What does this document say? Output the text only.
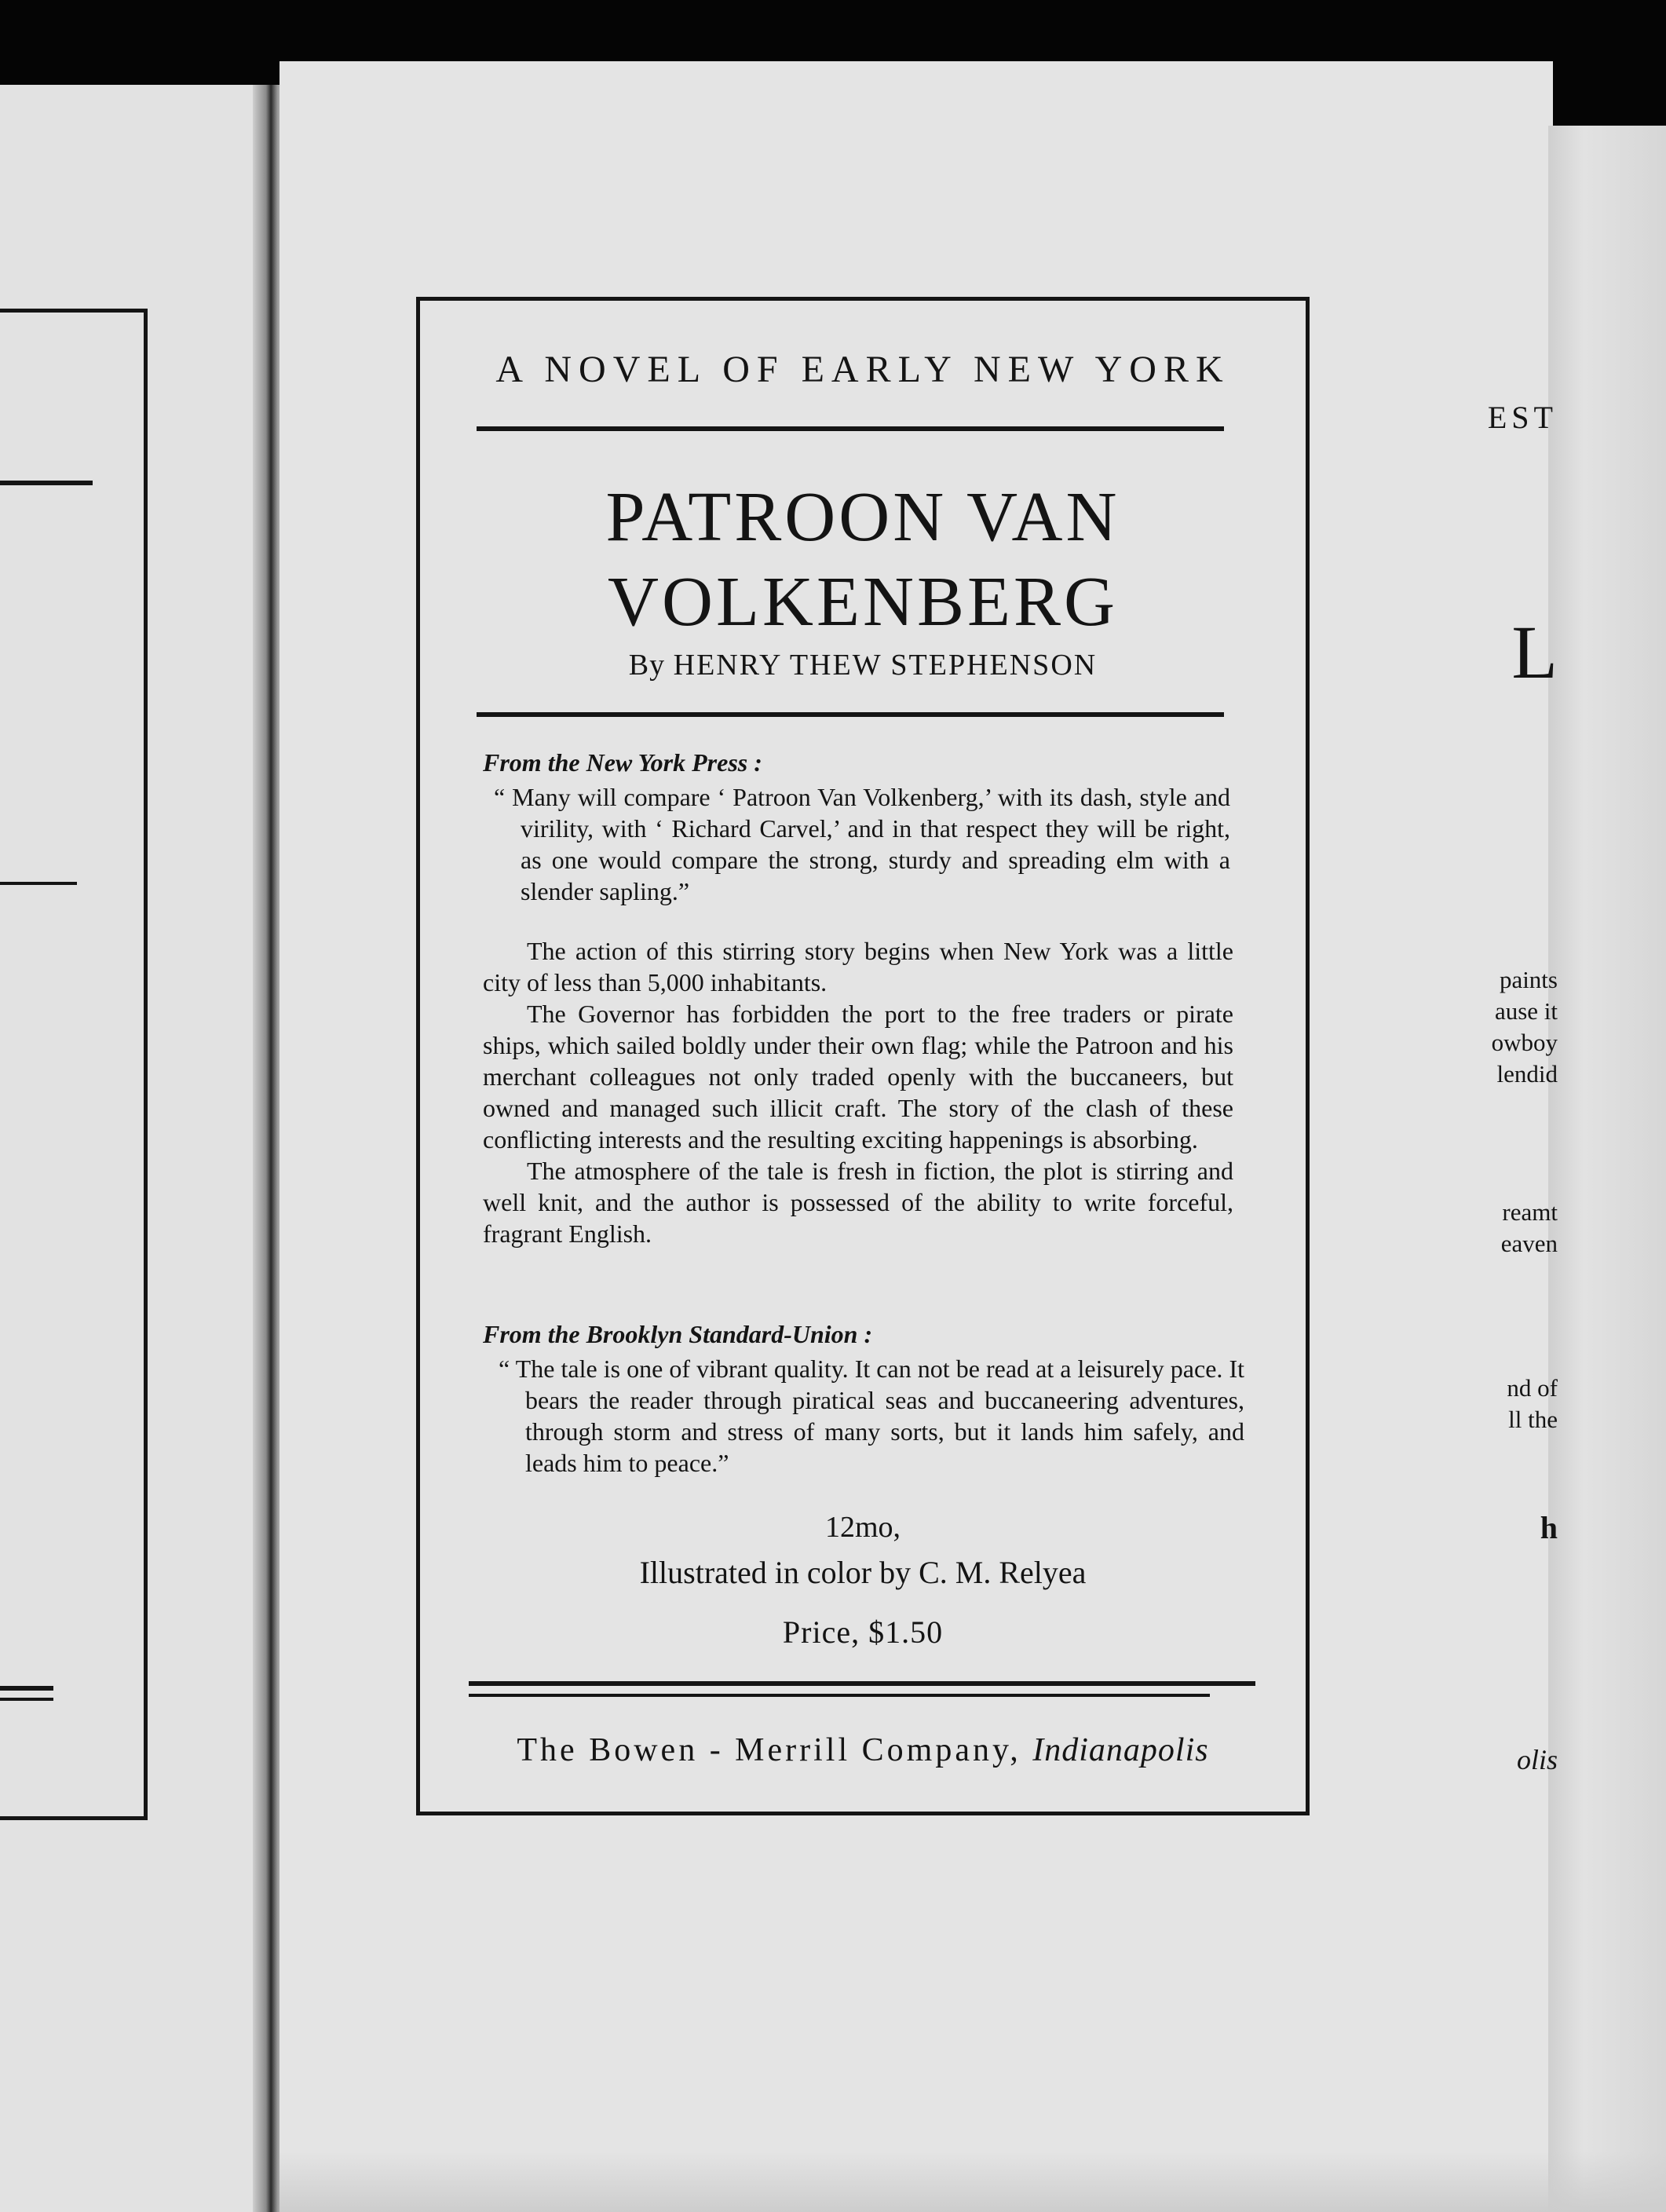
EST
L
paints
ause it
owboy
lendid
reamt
eaven
nd of
ll the
h
olis
A NOVEL OF EARLY NEW YORK
PATROON VAN
VOLKENBERG
By HENRY THEW STEPHENSON
From the New York Press :
“ Many will compare ‘ Patroon Van Volkenberg,’ with its dash, style and virility, with ‘ Richard Carvel,’ and in that respect they will be right, as one would compare the strong, sturdy and spreading elm with a slender sapling.”

The action of this stirring story begins when New York was a little city of less than 5,000 inhabitants.

The Governor has forbidden the port to the free traders or pirate ships, which sailed boldly under their own flag; while the Patroon and his merchant colleagues not only traded openly with the buccaneers, but owned and managed such illicit craft. The story of the clash of these conflicting interests and the resulting exciting happenings is absorbing.

The atmosphere of the tale is fresh in fiction, the plot is stirring and well knit, and the author is possessed of the ability to write forceful, fragrant English.

From the Brooklyn Standard-Union :
“ The tale is one of vibrant quality. It can not be read at a leisurely pace. It bears the reader through piratical seas and buccaneering adventures, through storm and stress of many sorts, but it lands him safely, and leads him to peace.”
12mo,
Illustrated in color by C. M. Relyea
Price, $1.50
The Bowen - Merrill Company, Indianapolis
